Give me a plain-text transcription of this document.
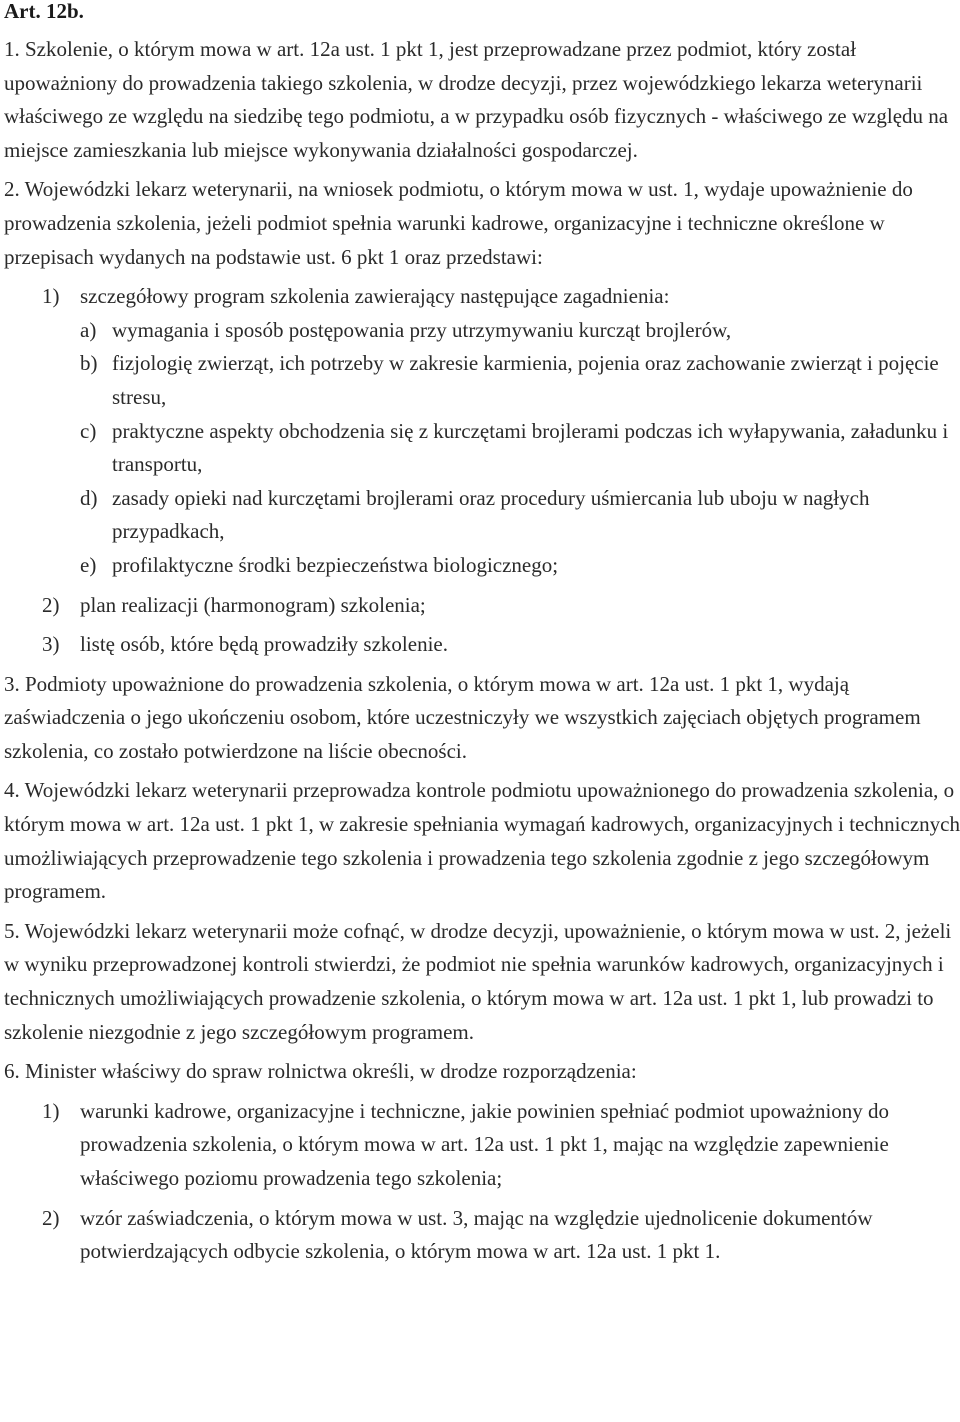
Art. 12b.

1. Szkolenie, o którym mowa w art. 12a ust. 1 pkt 1, jest przeprowadzane przez podmiot, który został upoważniony do prowadzenia takiego szkolenia, w drodze decyzji, przez wojewódzkiego lekarza weterynarii właściwego ze względu na siedzibę tego podmiotu, a w przypadku osób fizycznych - właściwego ze względu na miejsce zamieszkania lub miejsce wykonywania działalności gospodarczej.

2. Wojewódzki lekarz weterynarii, na wniosek podmiotu, o którym mowa w ust. 1, wydaje upoważnienie do prowadzenia szkolenia, jeżeli podmiot spełnia warunki kadrowe, organizacyjne i techniczne określone w przepisach wydanych na podstawie ust. 6 pkt 1 oraz przedstawi:

1) szczegółowy program szkolenia zawierający następujące zagadnienia:
a) wymagania i sposób postępowania przy utrzymywaniu kurcząt brojlerów,
b) fizjologię zwierząt, ich potrzeby w zakresie karmienia, pojenia oraz zachowanie zwierząt i pojęcie stresu,
c) praktyczne aspekty obchodzenia się z kurczętami brojlerami podczas ich wyłapywania, załadunku i transportu,
d) zasady opieki nad kurczętami brojlerami oraz procedury uśmiercania lub uboju w nagłych przypadkach,
e) profilaktyczne środki bezpieczeństwa biologicznego;
2) plan realizacji (harmonogram) szkolenia;
3) listę osób, które będą prowadziły szkolenie.

3. Podmioty upoważnione do prowadzenia szkolenia, o którym mowa w art. 12a ust. 1 pkt 1, wydają zaświadczenia o jego ukończeniu osobom, które uczestniczyły we wszystkich zajęciach objętych programem szkolenia, co zostało potwierdzone na liście obecności.

4. Wojewódzki lekarz weterynarii przeprowadza kontrole podmiotu upoważnionego do prowadzenia szkolenia, o którym mowa w art. 12a ust. 1 pkt 1, w zakresie spełniania wymagań kadrowych, organizacyjnych i technicznych umożliwiających przeprowadzenie tego szkolenia i prowadzenia tego szkolenia zgodnie z jego szczegółowym programem.

5. Wojewódzki lekarz weterynarii może cofnąć, w drodze decyzji, upoważnienie, o którym mowa w ust. 2, jeżeli w wyniku przeprowadzonej kontroli stwierdzi, że podmiot nie spełnia warunków kadrowych, organizacyjnych i technicznych umożliwiających prowadzenie szkolenia, o którym mowa w art. 12a ust. 1 pkt 1, lub prowadzi to szkolenie niezgodnie z jego szczegółowym programem.

6. Minister właściwy do spraw rolnictwa określi, w drodze rozporządzenia:

1) warunki kadrowe, organizacyjne i techniczne, jakie powinien spełniać podmiot upoważniony do prowadzenia szkolenia, o którym mowa w art. 12a ust. 1 pkt 1, mając na względzie zapewnienie właściwego poziomu prowadzenia tego szkolenia;
2) wzór zaświadczenia, o którym mowa w ust. 3, mając na względzie ujednolicenie dokumentów potwierdzających odbycie szkolenia, o którym mowa w art. 12a ust. 1 pkt 1.
